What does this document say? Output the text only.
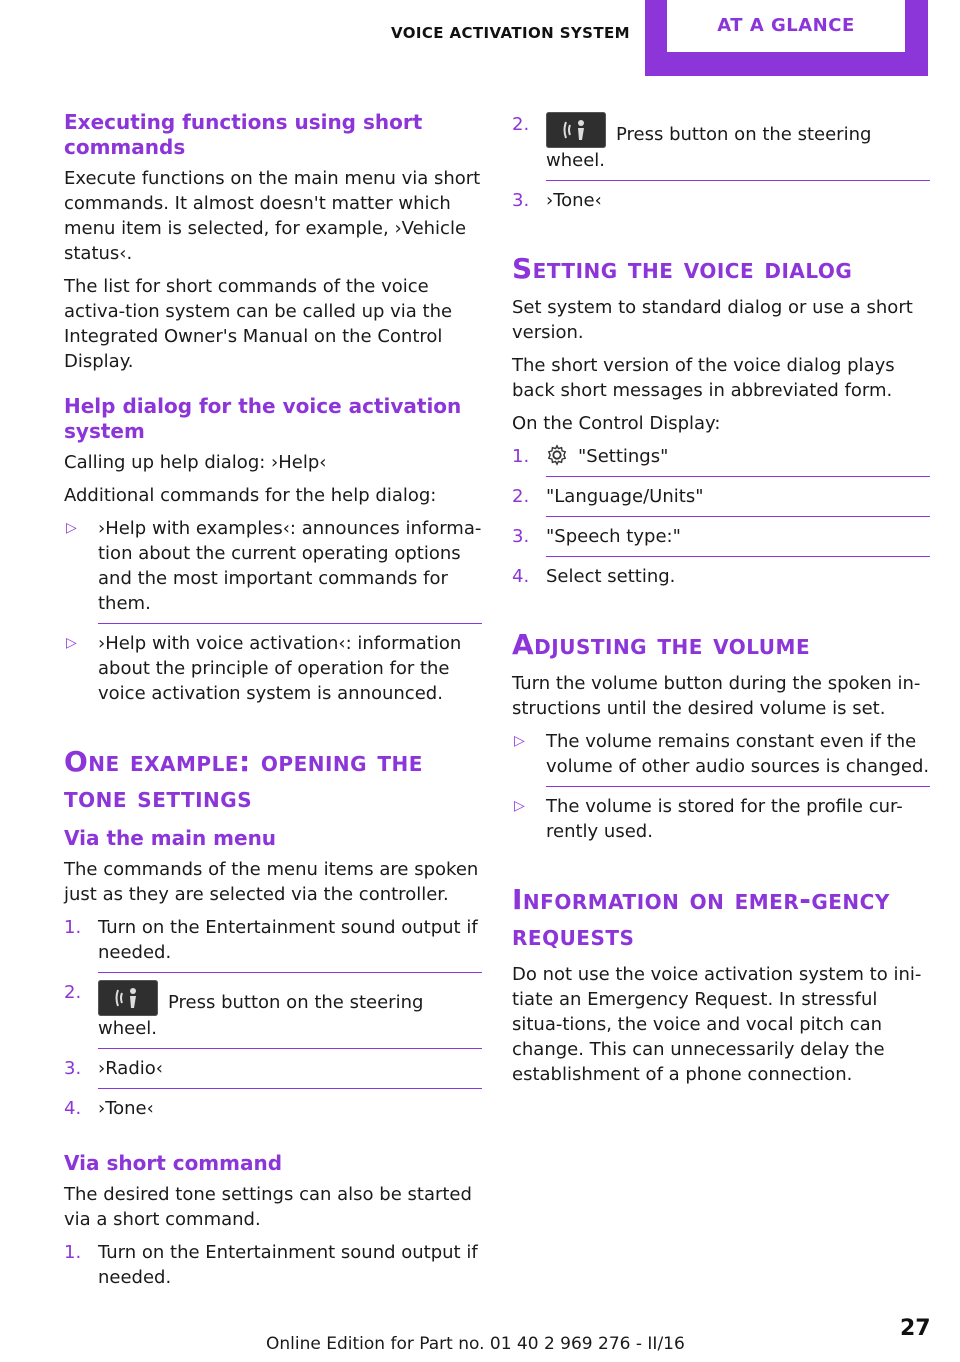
VOICE ACTIVATION SYSTEM	AT A GLANCE
Executing functions using short commands

Execute functions on the main menu via short commands. It almost doesn't matter which menu item is selected, for example, ›Vehicle status‹.

The list for short commands of the voice activa-tion system can be called up via the Integrated Owner's Manual on the Control Display.

Help dialog for the voice activation system

Calling up help dialog: ›Help‹

Additional commands for the help dialog:

▷ ›Help with examples‹: announces informa-tion about the current operating options and the most important commands for them.
▷ ›Help with voice activation‹: information about the principle of operation for the voice activation system is announced.
One example: opening the tone settings
Via the main menu

The commands of the menu items are spoken just as they are selected via the controller.

1. Turn on the Entertainment sound output if needed.
2.	Press button on the steering wheel.
3. ›Radio‹
4. ›Tone‹
Via short command

The desired tone settings can also be started via a short command.

1. Turn on the Entertainment sound output if needed.
2.	Press button on the steering wheel.
3. ›Tone‹
Setting the voice dialog

Set system to standard dialog or use a short version.

The short version of the voice dialog plays back short messages in abbreviated form.

On the Control Display:

1.	"Settings"
2. "Language/Units"
3. "Speech type:"
4. Select setting.
Adjusting the volume

Turn the volume button during the spoken in-structions until the desired volume is set.

▷ The volume remains constant even if the volume of other audio sources is changed.
▷ The volume is stored for the profile cur-rently used.
Information on emer-gency requests

Do not use the voice activation system to ini-tiate an Emergency Request. In stressful situa-tions, the voice and vocal pitch can change. This can unnecessarily delay the establishment of a phone connection.

Online Edition for Part no. 01 40 2 969 276 - II/16
27
